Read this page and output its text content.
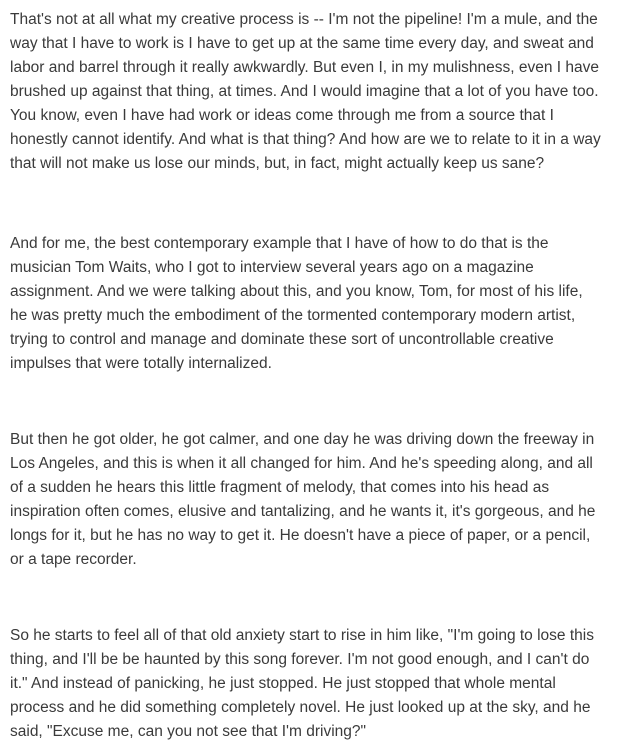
That's not at all what my creative process is -- I'm not the pipeline! I'm a mule, and the
way that I have to work is I have to get up at the same time every day, and sweat and
labor and barrel through it really awkwardly. But even I, in my mulishness, even I have
brushed up against that thing, at times. And I would imagine that a lot of you have too.
You know, even I have had work or ideas come through me from a source that I
honestly cannot identify. And what is that thing? And how are we to relate to it in a way
that will not make us lose our minds, but, in fact, might actually keep us sane?

And for me, the best contemporary example that I have of how to do that is the
musician Tom Waits, who I got to interview several years ago on a magazine
assignment. And we were talking about this, and you know, Tom, for most of his life,
he was pretty much the embodiment of the tormented contemporary modern artist,
trying to control and manage and dominate these sort of uncontrollable creative
impulses that were totally internalized.

But then he got older, he got calmer, and one day he was driving down the freeway in
Los Angeles, and this is when it all changed for him. And he's speeding along, and all
of a sudden he hears this little fragment of melody, that comes into his head as
inspiration often comes, elusive and tantalizing, and he wants it, it's gorgeous, and he
longs for it, but he has no way to get it. He doesn't have a piece of paper, or a pencil,
or a tape recorder.

So he starts to feel all of that old anxiety start to rise in him like, "I'm going to lose this
thing, and I'll be be haunted by this song forever. I'm not good enough, and I can't do
it." And instead of panicking, he just stopped. He just stopped that whole mental
process and he did something completely novel. He just looked up at the sky, and he
said, "Excuse me, can you not see that I'm driving?"
